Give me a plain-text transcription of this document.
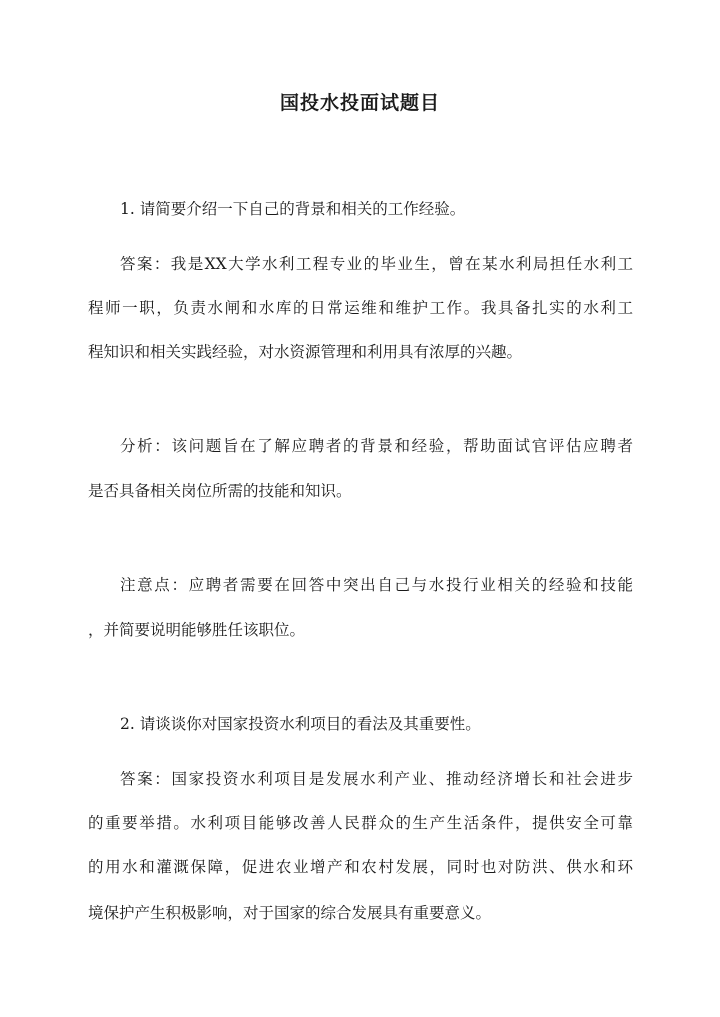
国投水投面试题目
1. 请简要介绍一下自己的背景和相关的工作经验。
答案：我是XX大学水利工程专业的毕业生，曾在某水利局担任水利工
程师一职，负责水闸和水库的日常运维和维护工作。我具备扎实的水利工
程知识和相关实践经验，对水资源管理和利用具有浓厚的兴趣。
分析：该问题旨在了解应聘者的背景和经验，帮助面试官评估应聘者
是否具备相关岗位所需的技能和知识。
注意点：应聘者需要在回答中突出自己与水投行业相关的经验和技能
，并简要说明能够胜任该职位。
2. 请谈谈你对国家投资水利项目的看法及其重要性。
答案：国家投资水利项目是发展水利产业、推动经济增长和社会进步
的重要举措。水利项目能够改善人民群众的生产生活条件，提供安全可靠
的用水和灌溉保障，促进农业增产和农村发展，同时也对防洪、供水和环
境保护产生积极影响，对于国家的综合发展具有重要意义。
